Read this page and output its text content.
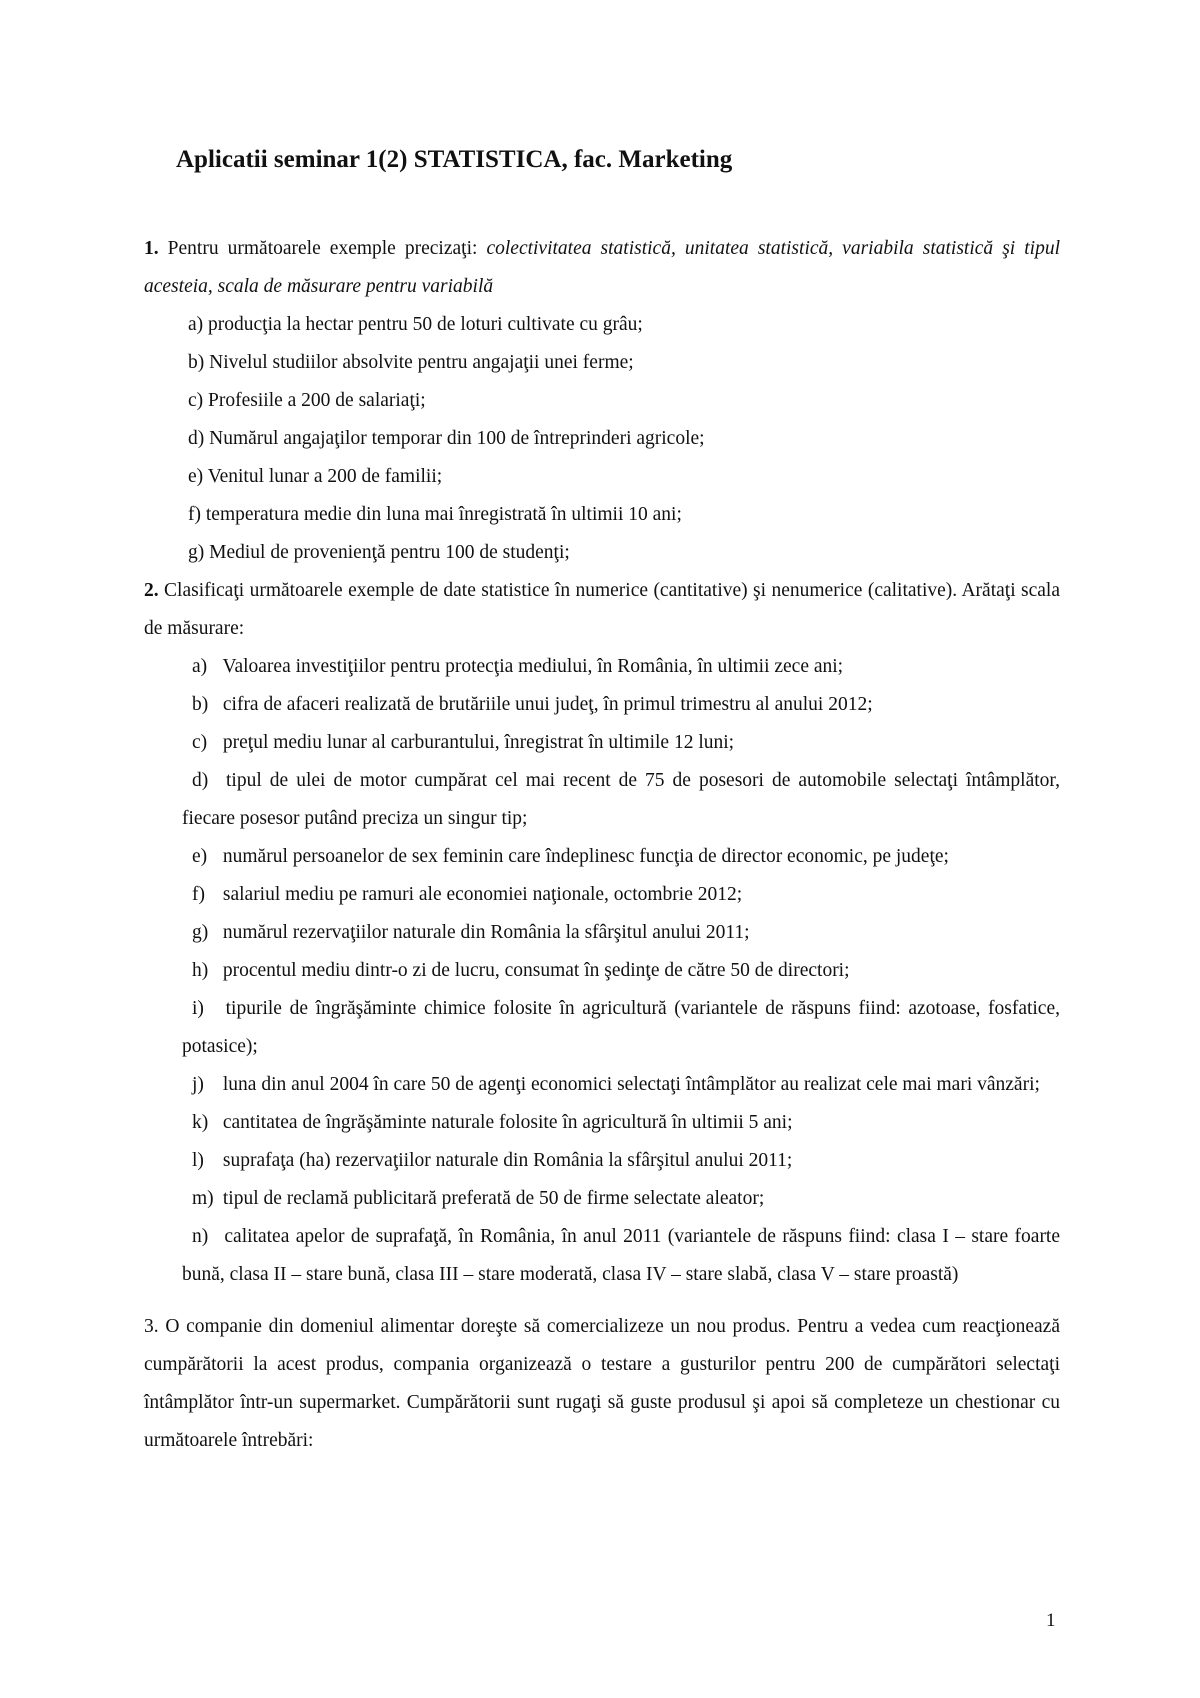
Aplicatii seminar 1(2) STATISTICA, fac. Marketing

1. Pentru următoarele exemple precizaţi: colectivitatea statistică, unitatea statistică, variabila statistică şi tipul acesteia, scala de măsurare pentru variabilă

a) producţia la hectar pentru 50 de loturi cultivate cu grâu;
b) Nivelul studiilor absolvite pentru angajaţii unei ferme;
c) Profesiile a 200 de salariaţi;
d) Numărul angajaţilor temporar din 100 de întreprinderi agricole;
e) Venitul lunar a 200 de familii;
f) temperatura medie din luna mai înregistrată în ultimii 10 ani;
g) Mediul de provenienţă pentru 100 de studenţi;

2. Clasificaţi următoarele exemple de date statistice în numerice (cantitative) şi nenumerice (calitative). Arătaţi scala de măsurare:

a) Valoarea investiţiilor pentru protecţia mediului, în România, în ultimii zece ani;
b) cifra de afaceri realizată de brutăriile unui judeţ, în primul trimestru al anului 2012;
c) preţul mediu lunar al carburantului, înregistrat în ultimile 12 luni;
d) tipul de ulei de motor cumpărat cel mai recent de 75 de posesori de automobile selectaţi întâmplător, fiecare posesor putând preciza un singur tip;
e) numărul persoanelor de sex feminin care îndeplinesc funcţia de director economic, pe judeţe;
f) salariul mediu pe ramuri ale economiei naţionale, octombrie 2012;
g) numărul rezervaţiilor naturale din România la sfârşitul anului 2011;
h) procentul mediu dintr-o zi de lucru, consumat în şedinţe de către 50 de directori;
i) tipurile de îngrăşăminte chimice folosite în agricultură (variantele de răspuns fiind: azotoase, fosfatice, potasice);
j) luna din anul 2004 în care 50 de agenţi economici selectaţi întâmplător au realizat cele mai mari vânzări;
k) cantitatea de îngrăşăminte naturale folosite în agricultură în ultimii 5 ani;
l) suprafaţa (ha) rezervaţiilor naturale din România la sfârşitul anului 2011;
m) tipul de reclamă publicitară preferată de 50 de firme selectate aleator;
n) calitatea apelor de suprafaţă, în România, în anul 2011 (variantele de răspuns fiind: clasa I – stare foarte bună, clasa II – stare bună, clasa III – stare moderată, clasa IV – stare slabă, clasa V – stare proastă)

3. O companie din domeniul alimentar doreşte să comercializeze un nou produs. Pentru a vedea cum reacţionează cumpărătorii la acest produs, compania organizează o testare a gusturilor pentru 200 de cumpărători selectaţi întâmplător într-un supermarket. Cumpărătorii sunt rugaţi să guste produsul şi apoi să completeze un chestionar cu următoarele întrebări:

1
